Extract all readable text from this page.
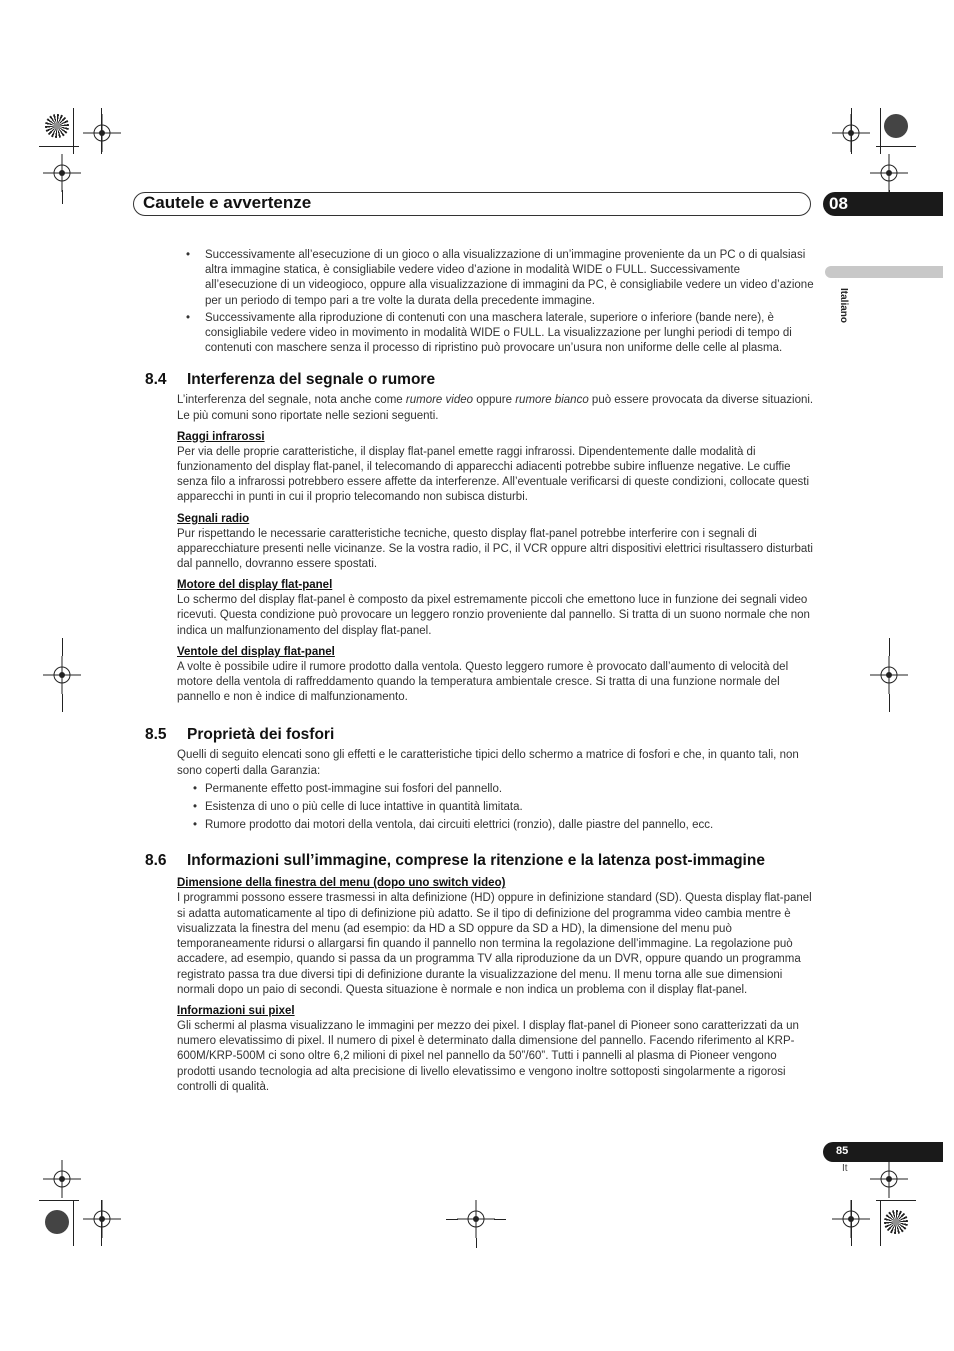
Cautele e avvertenze	08
Italiano
• Successivamente all’esecuzione di un gioco o alla visualizzazione di un’immagine proveniente da un PC o di qualsiasi altra immagine statica, è consigliabile vedere video d’azione in modalità WIDE o FULL. Successivamente all’esecuzione di un videogioco, oppure alla visualizzazione di immagini da PC, è consigliabile vedere un video d’azione per un periodo di tempo pari a tre volte la durata della precedente immagine.
• Successivamente alla riproduzione di contenuti con una maschera laterale, superiore o inferiore (bande nere), è consigliabile vedere video in movimento in modalità WIDE o FULL. La visualizzazione per lunghi periodi di tempo di contenuti con maschere senza il processo di ripristino può provocare un’usura non uniforme delle celle al plasma.
8.4	Interferenza del segnale o rumore
L’interferenza del segnale, nota anche come rumore video oppure rumore bianco può essere provocata da diverse situazioni. Le più comuni sono riportate nelle sezioni seguenti.
Raggi infrarossi
Per via delle proprie caratteristiche, il display flat-panel emette raggi infrarossi. Dipendentemente dalle modalità di funzionamento del display flat-panel, il telecomando di apparecchi adiacenti potrebbe subire influenze negative. Le cuffie senza filo a infrarossi potrebbero essere affette da interferenze. All’eventuale verificarsi di queste condizioni, collocate questi apparecchi in punti in cui il proprio telecomando non subisca disturbi.
Segnali radio
Pur rispettando le necessarie caratteristiche tecniche, questo display flat-panel potrebbe interferire con i segnali di apparecchiature presenti nelle vicinanze. Se la vostra radio, il PC, il VCR oppure altri dispositivi elettrici risultassero disturbati dal pannello, dovranno essere spostati.
Motore del display flat-panel
Lo schermo del display flat-panel è composto da pixel estremamente piccoli che emettono luce in funzione dei segnali video ricevuti. Questa condizione può provocare un leggero ronzio proveniente dal pannello. Si tratta di un suono normale che non indica un malfunzionamento del display flat-panel.
Ventole del display flat-panel
A volte è possibile udire il rumore prodotto dalla ventola. Questo leggero rumore è provocato dall’aumento di velocità del motore della ventola di raffreddamento quando la temperatura ambientale cresce. Si tratta di una funzione normale del pannello e non è indice di malfunzionamento.
8.5	Proprietà dei fosfori
Quelli di seguito elencati sono gli effetti e le caratteristiche tipici dello schermo a matrice di fosfori e che, in quanto tali, non sono coperti dalla Garanzia:
• Permanente effetto post-immagine sui fosfori del pannello.
• Esistenza di uno o più celle di luce intattive in quantità limitata.
• Rumore prodotto dai motori della ventola, dai circuiti elettrici (ronzio), dalle piastre del pannello, ecc.
8.6	Informazioni sull’immagine, comprese la ritenzione e la latenza post-immagine
Dimensione della finestra del menu (dopo uno switch video)
I programmi possono essere trasmessi in alta definizione (HD) oppure in definizione standard (SD). Questa display flat-panel si adatta automaticamente al tipo di definizione più adatto. Se il tipo di definizione del programma video cambia mentre è visualizzata la finestra del menu (ad esempio: da HD a SD oppure da SD a HD), la dimensione del menu può temporaneamente ridursi o allargarsi fin quando il pannello non termina la regolazione dell’immagine. La regolazione può accadere, ad esempio, quando si passa da un programma TV alla riproduzione da un DVR, oppure quando un programma registrato passa tra due diversi tipi di definizione durante la visualizzazione del menu. Il menu torna alle sue dimensioni normali dopo un paio di secondi. Questa situazione è normale e non indica un problema con il display flat-panel.
Informazioni sui pixel
Gli schermi al plasma visualizzano le immagini per mezzo dei pixel. I display flat-panel di Pioneer sono caratterizzati da un numero elevatissimo di pixel. Il numero di pixel è determinato dalla dimensione del pannello. Facendo riferimento al KRP-600M/KRP-500M ci sono oltre 6,2 milioni di pixel nel pannello da 50”/60”. Tutti i pannelli al plasma di Pioneer vengono prodotti usando tecnologia ad alta precisione di livello elevatissimo e vengono inoltre sottoposti singolarmente a rigorosi controlli di qualità.
85
It
